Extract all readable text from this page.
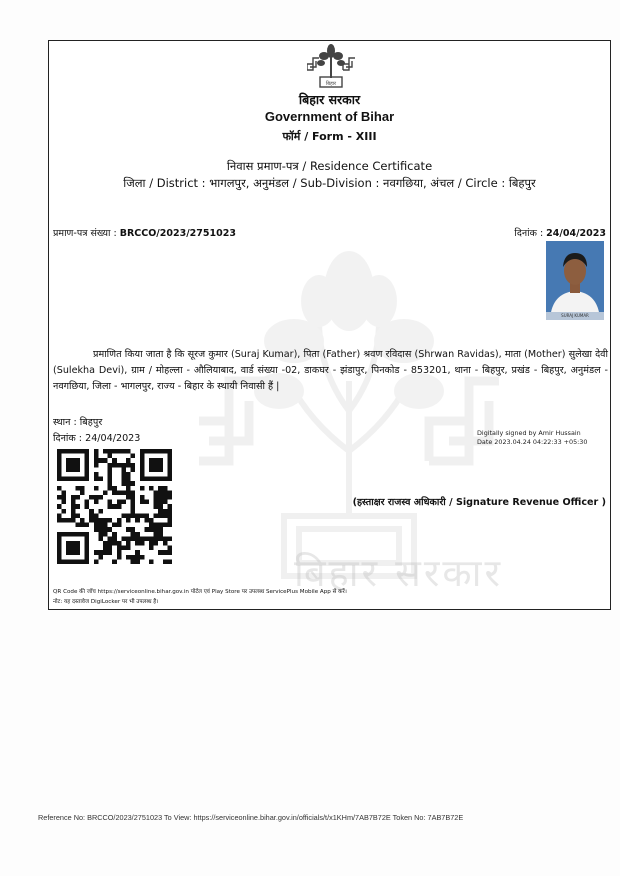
बिहार सरकार
बिहार
बिहार सरकार
Government of Bihar
फॉर्म / Form - XIII
निवास प्रमाण-पत्र / Residence Certificate
जिला / District : भागलपुर, अनुमंडल / Sub-Division : नवगछिया, अंचल / Circle : बिहपुर
प्रमाण-पत्र संख्या : BRCCO/2023/2751023	दिनांक : 24/04/2023
SURAJ KUMAR
प्रमाणित किया जाता है कि सूरज कुमार (Suraj Kumar), पिता (Father) श्रवण रविदास (Shrwan Ravidas), माता (Mother) सुलेखा देवी (Sulekha Devi), ग्राम / मोहल्ला - औलियाबाद, वार्ड संख्या -02, डाकघर - झंडापुर, पिनकोड - 853201, थाना - बिहपुर, प्रखंड - बिहपुर, अनुमंडल - नवगछिया, जिला - भागलपुर, राज्य - बिहार के स्थायी निवासी हैं |
स्थान : बिहपुर
दिनांक : 24/04/2023	Digitally signed by Amir Hussain
Date 2023.04.24 04:22:33 +05:30
(हस्ताक्षर राजस्व अधिकारी / Signature Revenue Officer )
QR Code की जाँच https://serviceonline.bihar.gov.in पोर्टल एवं Play Store पर उपलब्ध ServicePlus Mobile App से करें।
नोट: यह दस्तावेज DigiLocker पर भी उपलब्ध है।
Reference No: BRCCO/2023/2751023 To View: https://serviceonline.bihar.gov.in/officials/t/x1KHm/7AB7B72E Token No: 7AB7B72E
